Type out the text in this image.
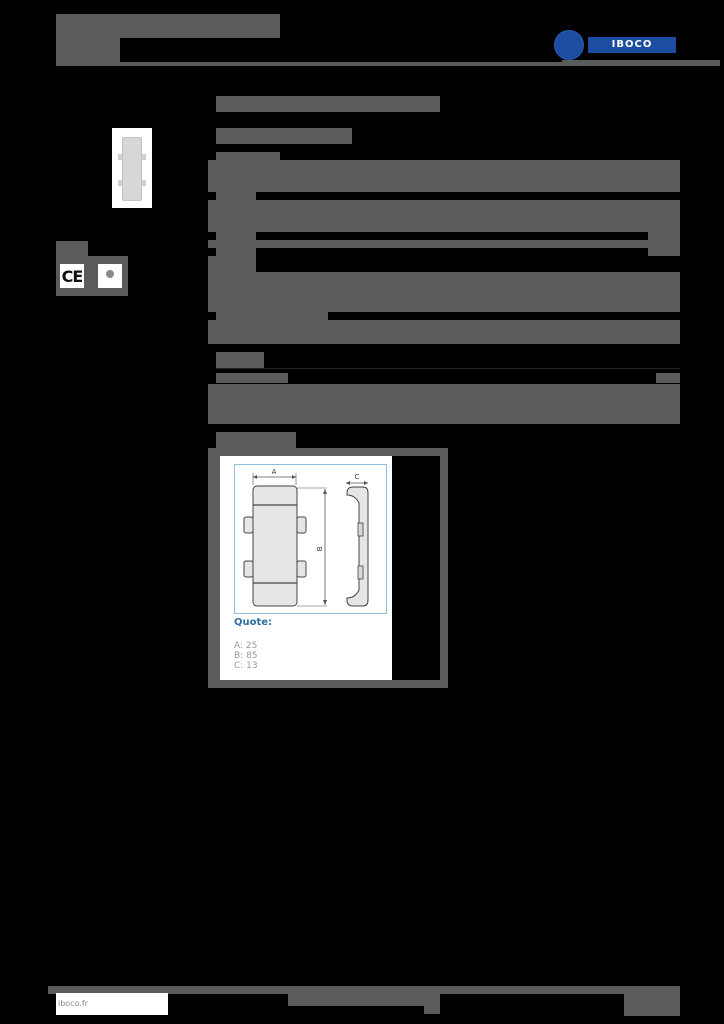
IBOCO
CE
A
B
C
Quote:
A: 25
B: 85
C: 13
iboco.fr
